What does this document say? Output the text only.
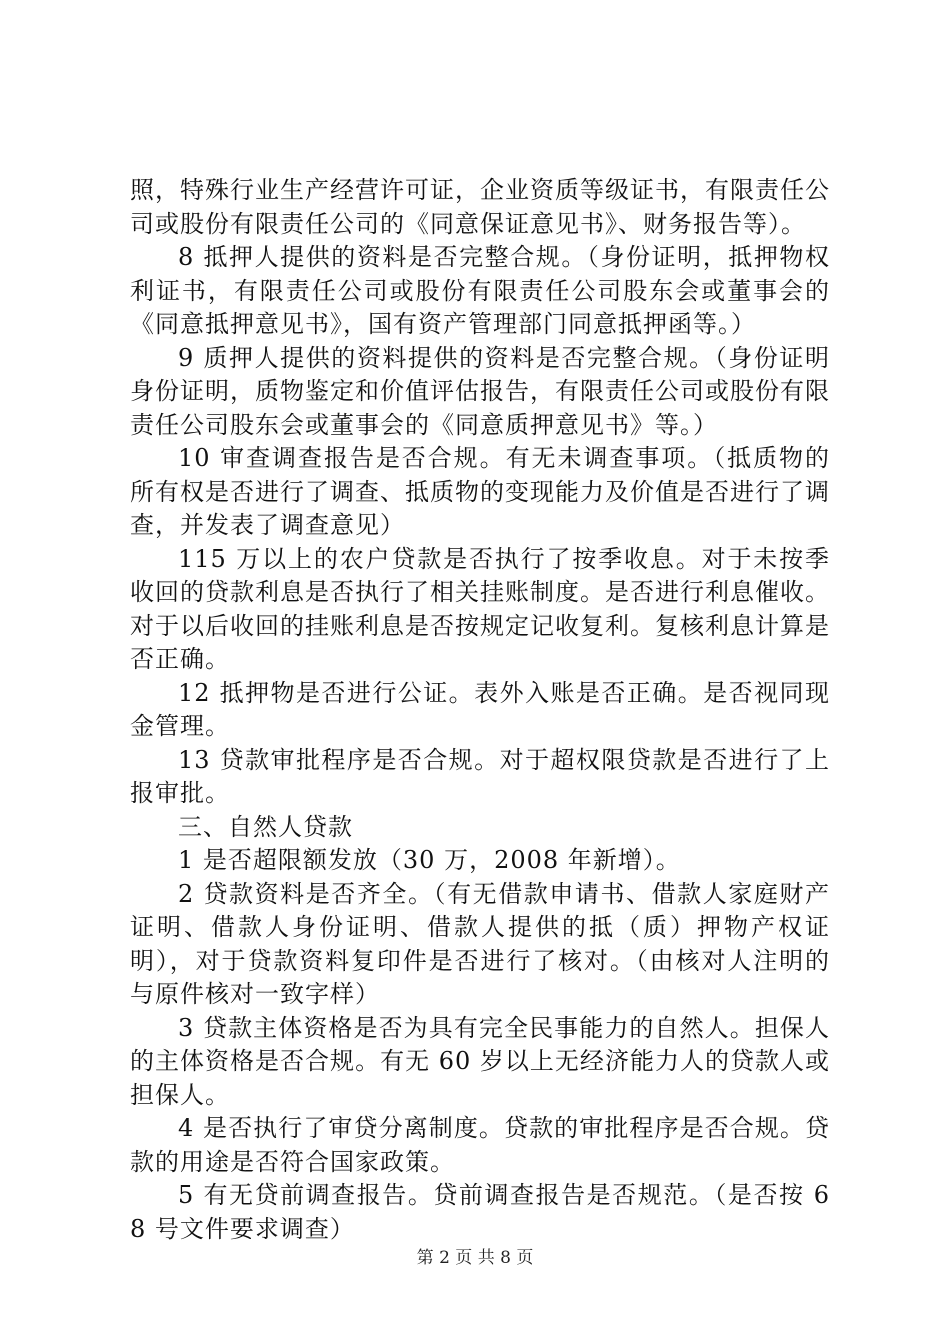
照，特殊行业生产经营许可证，企业资质等级证书，有限责任公司或股份有限责任公司的《同意保证意见书》、财务报告等）。

8 抵押人提供的资料是否完整合规。（身份证明，抵押物权利证书，有限责任公司或股份有限责任公司股东会或董事会的《同意抵押意见书》，国有资产管理部门同意抵押函等。）

9 质押人提供的资料提供的资料是否完整合规。（身份证明身份证明，质物鉴定和价值评估报告，有限责任公司或股份有限责任公司股东会或董事会的《同意质押意见书》等。）

10 审查调查报告是否合规。有无未调查事项。（抵质物的所有权是否进行了调查、抵质物的变现能力及价值是否进行了调查，并发表了调查意见）

115 万以上的农户贷款是否执行了按季收息。对于未按季收回的贷款利息是否执行了相关挂账制度。是否进行利息催收。对于以后收回的挂账利息是否按规定记收复利。复核利息计算是否正确。

12 抵押物是否进行公证。表外入账是否正确。是否视同现金管理。

13 贷款审批程序是否合规。对于超权限贷款是否进行了上报审批。

三、自然人贷款

1 是否超限额发放（30 万，2008 年新增）。

2 贷款资料是否齐全。（有无借款申请书、借款人家庭财产证明、借款人身份证明、借款人提供的抵（质）押物产权证明），对于贷款资料复印件是否进行了核对。（由核对人注明的与原件核对一致字样）

3 贷款主体资格是否为具有完全民事能力的自然人。担保人的主体资格是否合规。有无 60 岁以上无经济能力人的贷款人或担保人。

4 是否执行了审贷分离制度。贷款的审批程序是否合规。贷款的用途是否符合国家政策。

5 有无贷前调查报告。贷前调查报告是否规范。（是否按 68 号文件要求调查）

第 2 页 共 8 页
